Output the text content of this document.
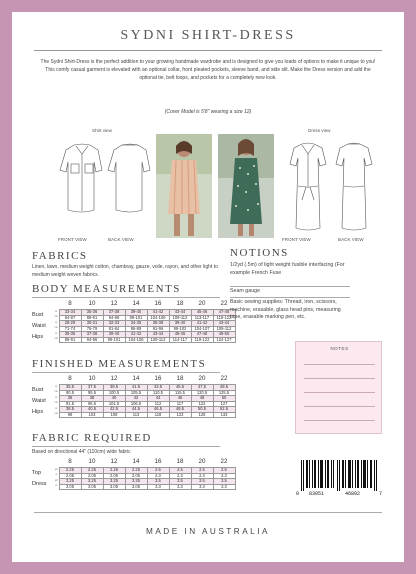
SYDNI SHIRT-DRESS
The Sydni Shirt-Dress is the perfect addition to your growing handmade wardrobe and is designed to give you loads of options to make it unique to you! This comfy casual garment is elevated with an optional collar, front pleated pockets, sleeve band, and side slit. Make the Dress version and add the optional tie, belt loops, and pockets for a completely new look.
(Cover Model is 5'8" wearing a size 12)
Shirt view
FRONT VIEW	BACK VIEW
Dress view
FRONT VIEW	BACK VIEW
FABRICS
Linen, lawn, medium weight cotton, chambray, gauze, voile, rayon, and other light to medium weight woven fabrics.
BODY MEASUREMENTS
8	10	12	14	16	18	20	22
Bust	in	33-34	35-36	37-38	39-40	41-42	43-44	45-46	47-48
	cm	84-87	89-91	94-96	99-101	104-106	109-112	113-117	119-122
Waist	in	28-29	30-31	32-33	34-35	36-38	39-40	41-42	43-44
	cm	71-74	76-79	81-84	86-89	91-96	99-102	104-107	109-112
Hips	in	35-36	37-38	39-40	41-42	43-44	45-46	47-48	49-50
	cm	89-91	94-96	99-101	104-106	109-112	114-117	119-122	124-127
FINISHED MEASUREMENTS
8	10	12	14	16	18	20	22
Bust	in	35.5	37.5	39.5	41.5	43.5	45.5	47.5	49.5
	cm	90.5	95.5	100.5	105.5	110.5	115.5	120.5	125.5
Waist	in	36	38	40	42	44	46	48	50
	cm	91.5	96.5	101.5	106.5	112	117	122	127
Hips	in	38.5	40.5	42.5	44.5	46.5	48.5	50.5	52.5
	cm	98	103	108	113	118	123	128	133
FABRIC REQUIRED
Based on directional 44" (110cm) wide fabric
8	10	12	14	16	18	20	22
Top	yd	2.25	2.25	2.25	2.25	2.5	2.5	2.5	2.5
	m	2.05	2.05	2.05	2.05	2.3	2.3	2.3	2.3
Dress	yd	3.25	3.25	3.25	3.25	3.5	3.5	3.5	3.5
	m	3.05	3.05	3.05	3.05	3.3	3.3	3.3	3.3
NOTIONS
1/2yd (.5m) of light weight fusible interfacing (For example French Fuse
Seam gauge
Basic sewing supplies: Thread, iron, scissors, machine, erasable, glass head pins, measuring tape, erasable marking pen, etc.
NOTES
0 83051	46892	7
MADE IN AUSTRALIA
